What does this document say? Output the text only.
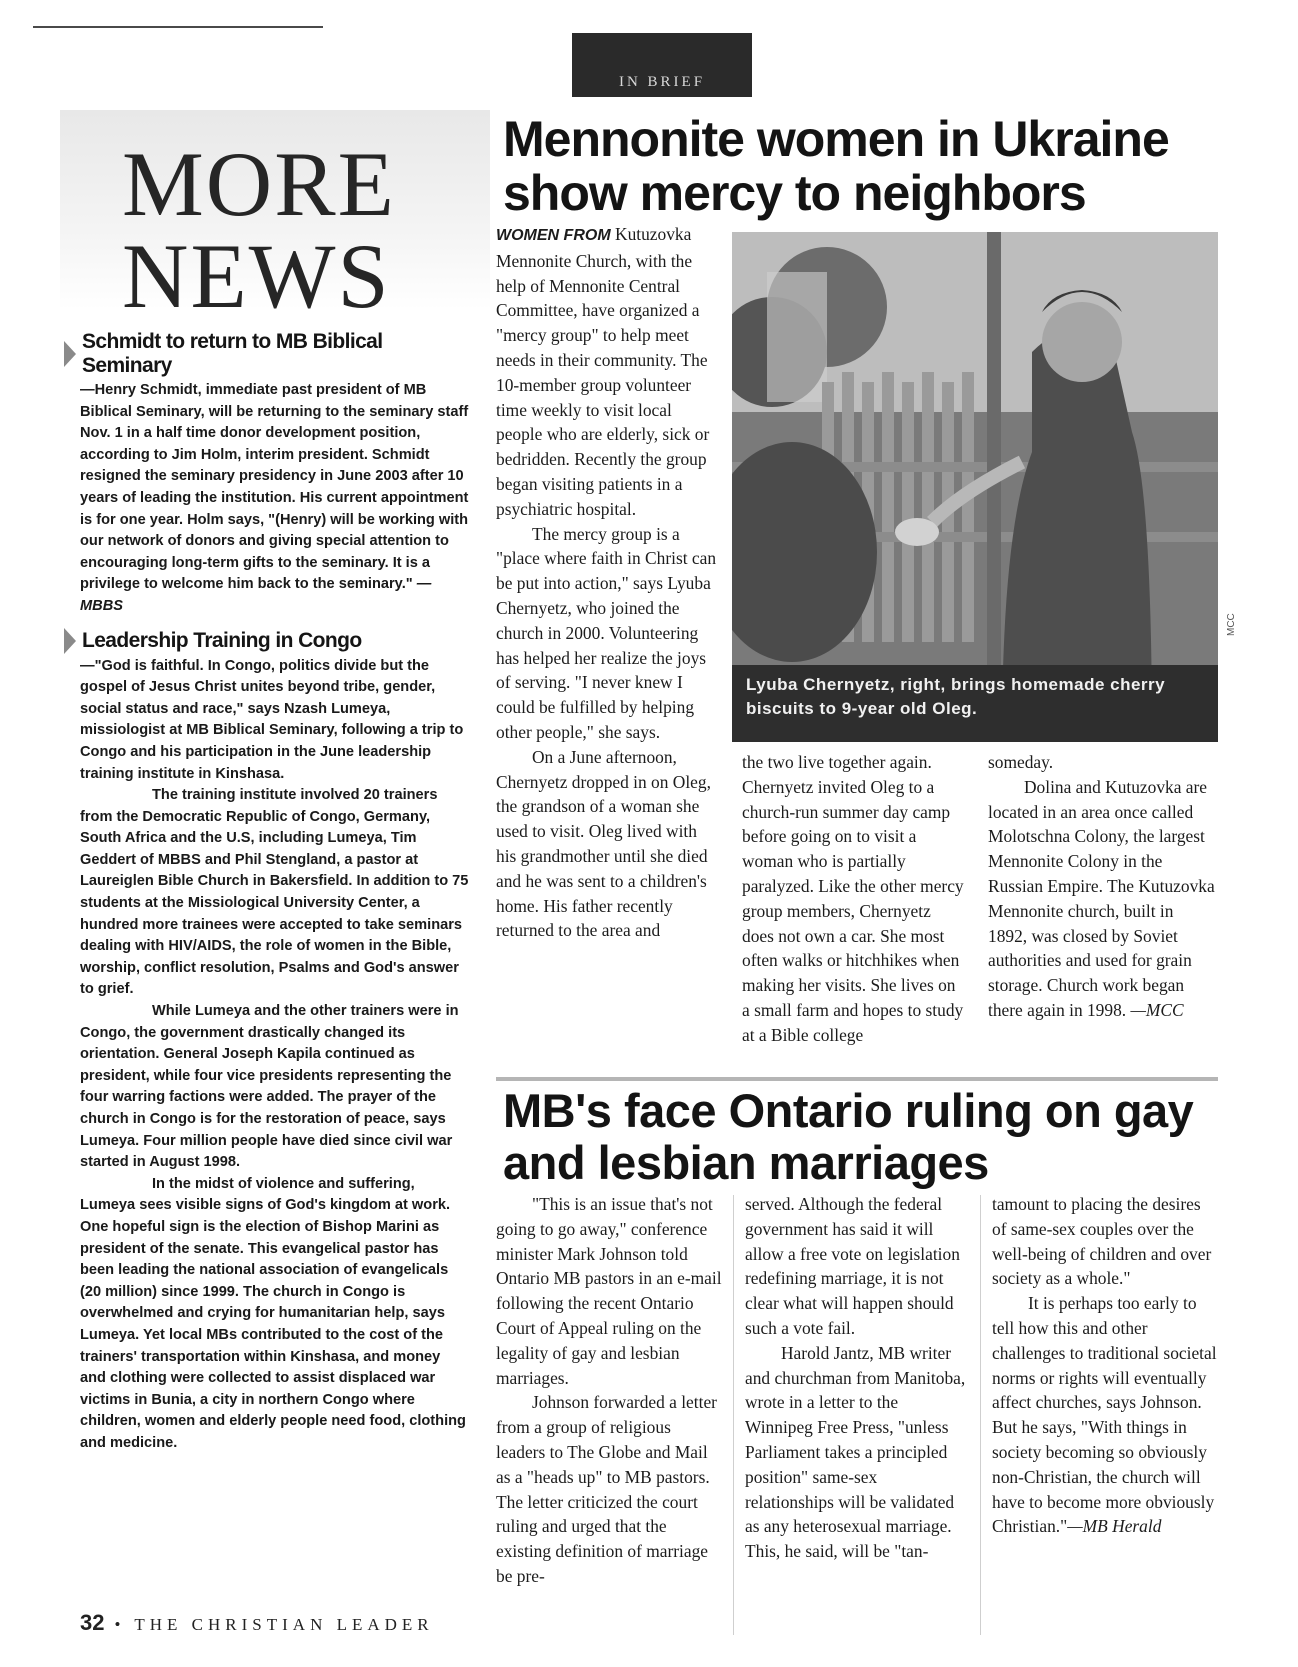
IN BRIEF
MORE
NEWS
Schmidt to return to MB Biblical Seminary

—Henry Schmidt, immediate past president of MB Biblical Seminary, will be returning to the seminary staff Nov. 1 in a half time donor development position, according to Jim Holm, interim president. Schmidt resigned the seminary presidency in June 2003 after 10 years of leading the institution. His current appointment is for one year. Holm says, "(Henry) will be working with our network of donors and giving special attention to encouraging long-term gifts to the seminary. It is a privilege to welcome him back to the seminary." —MBBS

Leadership Training in Congo

—"God is faithful. In Congo, politics divide but the gospel of Jesus Christ unites beyond tribe, gender, social status and race," says Nzash Lumeya, missiologist at MB Biblical Seminary, following a trip to Congo and his participation in the June leadership training institute in Kinshasa.

The training institute involved 20 trainers from the Democratic Republic of Congo, Germany, South Africa and the U.S, including Lumeya, Tim Geddert of MBBS and Phil Stengland, a pastor at Laureiglen Bible Church in Bakersfield. In addition to 75 students at the Missiological University Center, a hundred more trainees were accepted to take seminars dealing with HIV/AIDS, the role of women in the Bible, worship, conflict resolution, Psalms and God's answer to grief.

While Lumeya and the other trainers were in Congo, the government drastically changed its orientation. General Joseph Kapila continued as president, while four vice presidents representing the four warring factions were added. The prayer of the church in Congo is for the restoration of peace, says Lumeya. Four million people have died since civil war started in August 1998.

In the midst of violence and suffering, Lumeya sees visible signs of God's kingdom at work. One hopeful sign is the election of Bishop Marini as president of the senate. This evangelical pastor has been leading the national association of evangelicals (20 million) since 1999. The church in Congo is overwhelmed and crying for humanitarian help, says Lumeya. Yet local MBs contributed to the cost of the trainers' transportation within Kinshasa, and money and clothing were collected to assist displaced war victims in Bunia, a city in northern Congo where children, women and elderly people need food, clothing and medicine.

32 • THE CHRISTIAN LEADER
Mennonite women in Ukraine show mercy to neighbors

WOMEN FROM Kutuzovka Mennonite Church, with the help of Mennonite Central Committee, have organized a "mercy group" to help meet needs in their community. The 10-member group volunteer time weekly to visit local people who are elderly, sick or bedridden. Recently the group began visiting patients in a psychiatric hospital.

The mercy group is a "place where faith in Christ can be put into action," says Lyuba Chernyetz, who joined the church in 2000. Volunteering has helped her realize the joys of serving. "I never knew I could be fulfilled by helping other people," she says.

On a June afternoon, Chernyetz dropped in on Oleg, the grandson of a woman she used to visit. Oleg lived with his grandmother until she died and he was sent to a children's home. His father recently returned to the area and

Lyuba Chernyetz, right, brings homemade cherry biscuits to 9-year old Oleg.
MCC

the two live together again. Chernyetz invited Oleg to a church-run summer day camp before going on to visit a woman who is partially paralyzed. Like the other mercy group members, Chernyetz does not own a car. She most often walks or hitchhikes when making her visits. She lives on a small farm and hopes to study at a Bible college

someday.

Dolina and Kutuzovka are located in an area once called Molotschna Colony, the largest Mennonite Colony in the Russian Empire. The Kutuzovka Mennonite church, built in 1892, was closed by Soviet authorities and used for grain storage. Church work began there again in 1998. —MCC

MB's face Ontario ruling on gay and lesbian marriages

"This is an issue that's not going to go away," conference minister Mark Johnson told Ontario MB pastors in an e-mail following the recent Ontario Court of Appeal ruling on the legality of gay and lesbian marriages.

Johnson forwarded a letter from a group of religious leaders to The Globe and Mail as a "heads up" to MB pastors. The letter criticized the court ruling and urged that the existing definition of marriage be pre-

served. Although the federal government has said it will allow a free vote on legislation redefining marriage, it is not clear what will happen should such a vote fail.

Harold Jantz, MB writer and churchman from Manitoba, wrote in a letter to the Winnipeg Free Press, "unless Parliament takes a principled position" same-sex relationships will be validated as any heterosexual marriage. This, he said, will be "tan-

tamount to placing the desires of same-sex couples over the well-being of children and over society as a whole."

It is perhaps too early to tell how this and other challenges to traditional societal norms or rights will eventually affect churches, says Johnson. But he says, "With things in society becoming so obviously non-Christian, the church will have to become more obviously Christian."—MB Herald
